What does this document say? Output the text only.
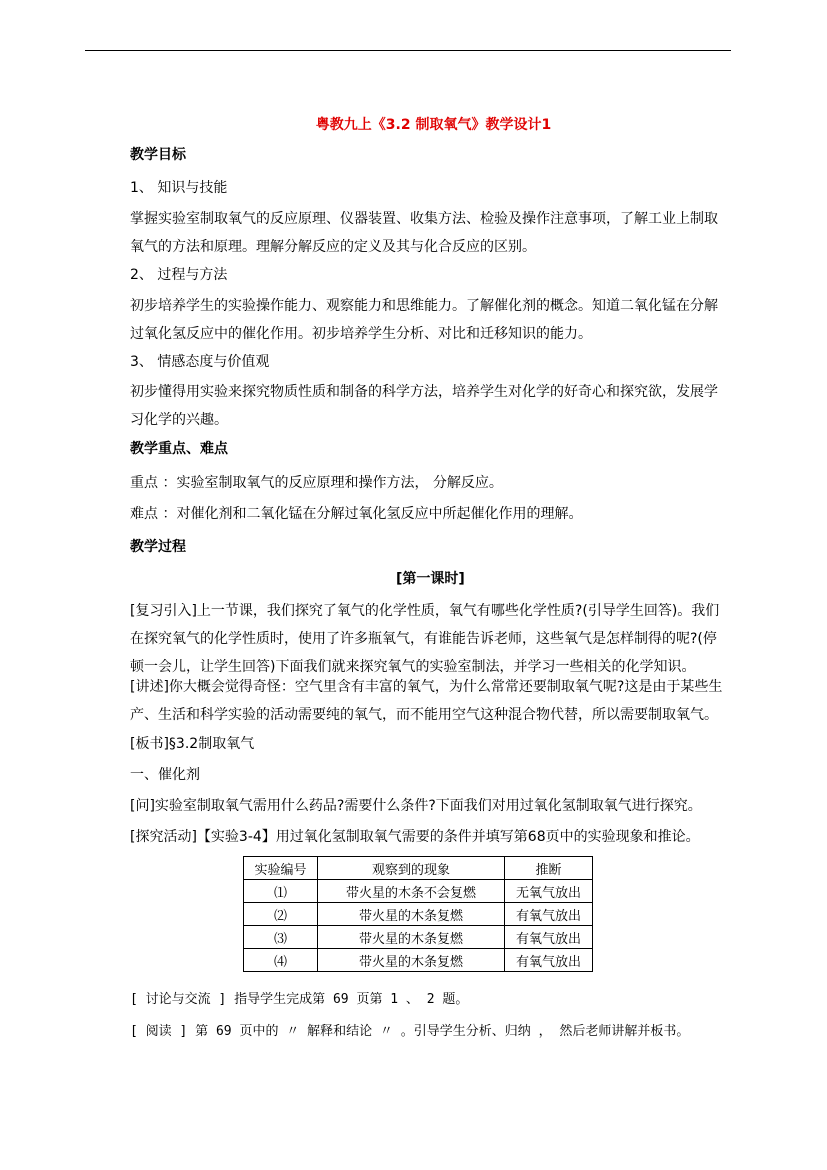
粤教九上《3.2 制取氧气》教学设计1
教学目标
1、 知识与技能
掌握实验室制取氧气的反应原理、仪器装置、收集方法、检验及操作注意事项，了解工业上制取氧气的方法和原理。理解分解反应的定义及其与化合反应的区别。
2、 过程与方法
初步培养学生的实验操作能力、观察能力和思维能力。了解催化剂的概念。知道二氧化锰在分解过氧化氢反应中的催化作用。初步培养学生分析、对比和迁移知识的能力。
3、 情感态度与价值观
初步懂得用实验来探究物质性质和制备的科学方法，培养学生对化学的好奇心和探究欲，发展学习化学的兴趣。
教学重点、难点
重点 ：实验室制取氧气的反应原理和操作方法， 分解反应。
难点 ：对催化剂和二氧化锰在分解过氧化氢反应中所起催化作用的理解。
教学过程
[第一课时]
[复习引入]上一节课，我们探究了氧气的化学性质，氧气有哪些化学性质?(引导学生回答)。我们在探究氧气的化学性质时，使用了许多瓶氧气，有谁能告诉老师，这些氧气是怎样制得的呢?(停顿一会儿，让学生回答)下面我们就来探究氧气的实验室制法，并学习一些相关的化学知识。
[讲述]你大概会觉得奇怪：空气里含有丰富的氧气，为什么常常还要制取氧气呢?这是由于某些生产、生活和科学实验的活动需要纯的氧气，而不能用空气这种混合物代替，所以需要制取氧气。
[板书]§3.2制取氧气
一、催化剂
[问]实验室制取氧气需用什么药品?需要什么条件?下面我们对用过氧化氢制取氧气进行探究。
[探究活动]【实验3-4】用过氧化氢制取氧气需要的条件并填写第68页中的实验现象和推论。
实验编号	观察到的现象	推断
⑴	带火星的木条不会复燃	无氧气放出
⑵	带火星的木条复燃	有氧气放出
⑶	带火星的木条复燃	有氧气放出
⑷	带火星的木条复燃	有氧气放出
[ 讨论与交流 ] 指导学生完成第 69 页第 1 、 2 题。
[ 阅读 ] 第 69 页中的 〃 解释和结论 〃 。引导学生分析、归纳 ， 然后老师讲解并板书。
